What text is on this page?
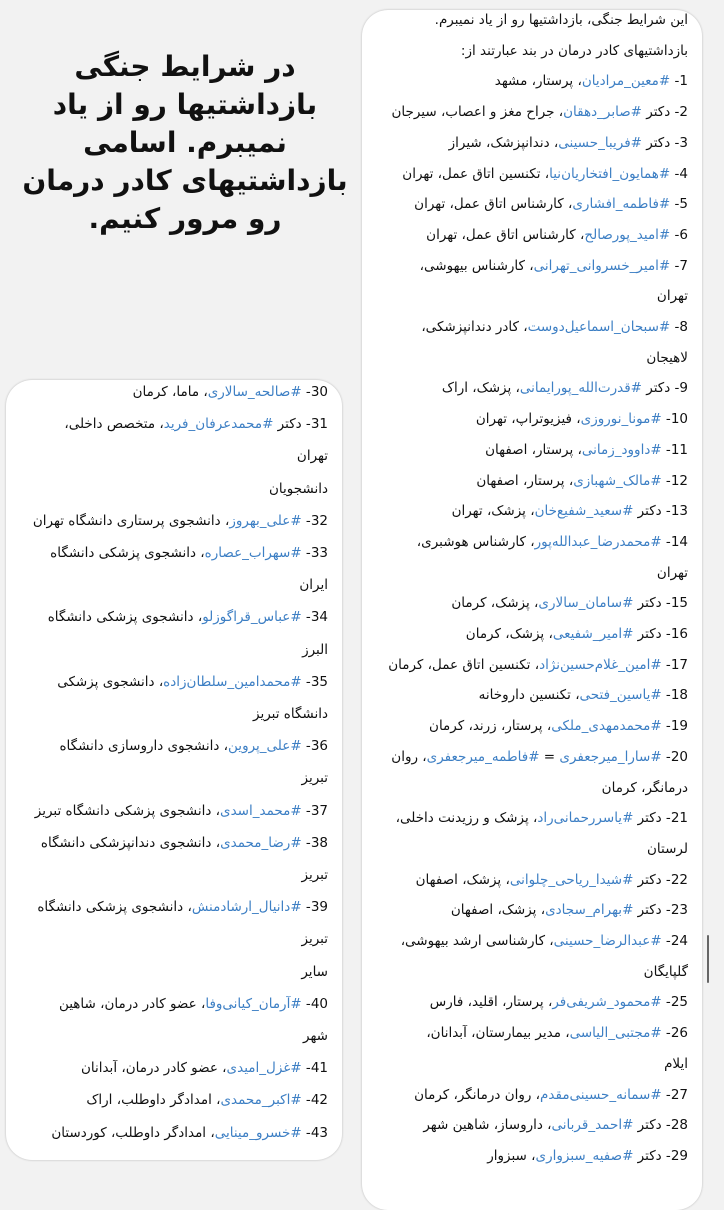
در شرایط جنگی بازداشتیها رو از یاد نمیبرم. اسامی بازداشتیهای کادر درمان رو مرور کنیم.
این شرایط جنگی، بازداشتیها رو از یاد نمیبرم.
بازداشتیهای کادر درمان در بند عبارتند از:
1- #معین_مرادیان، پرستار، مشهد
2- دکتر #صابر_دهقان، جراح مغز و اعصاب، سیرجان
3- دکتر #فریبا_حسینی، دندانپزشک، شیراز
4- #همایون_افتخاریان‌نیا، تکنسین اتاق عمل، تهران
5- #فاطمه_افشاری، کارشناس اتاق عمل، تهران
6- #امید_پورصالح، کارشناس اتاق عمل، تهران
7- #امیر_خسروانی_تهرانی، کارشناس بیهوشی،
تهران
8- #سبحان_اسماعیل‌دوست، کادر دندانپزشکی،
لاهیجان
9- دکتر #قدرت‌الله_پورایمانی، پزشک، اراک
10- #مونا_نوروزی، فیزیوتراپ، تهران
11- #داوود_زمانی، پرستار، اصفهان
12- #مالک_شهبازی، پرستار، اصفهان
13- دکتر #سعید_شفیع‌خان، پزشک، تهران
14- #محمدرضا_عبدالله‌پور، کارشناس هوشبری،
تهران
15- دکتر #سامان_سالاری، پزشک، کرمان
16- دکتر #امیر_شفیعی، پزشک، کرمان
17- #امین_غلام‌حسین‌نژاد، تکنسین اتاق عمل، کرمان
18- #یاسین_فتحی، تکنسین داروخانه
19- #محمدمهدی_ملکی، پرستار، زرند، کرمان
20- #سارا_میرجعفری = #فاطمه_میرجعفری، روان
درمانگر، کرمان
21- دکتر #یاسررحمانی‌راد، پزشک و رزیدنت داخلی،
لرستان
22- دکتر #شیدا_ریاحی_چلوانی، پزشک، اصفهان
23- دکتر #بهرام_سجادی، پزشک، اصفهان
24- #عبدالرضا_حسینی، کارشناسی ارشد بیهوشی،
گلپایگان
25- #محمود_شریفی‌فر، پرستار، اقلید، فارس
26- #مجتبی_الیاسی، مدیر بیمارستان، آبدانان،
ایلام
27- #سمانه_حسینی‌مقدم، روان درمانگر، کرمان
28- دکتر #احمد_قربانی، داروساز، شاهین شهر
29- دکتر #صفیه_سبزواری، سبزوار
30- #صالحه_سالاری، ماما، کرمان
31- دکتر #محمدعرفان_فرید، متخصص داخلی،
تهران
دانشجویان
32- #علی_بهروز، دانشجوی پرستاری دانشگاه تهران
33- #سهراب_عصاره، دانشجوی پزشکی دانشگاه
ایران
34- #عباس_قراگوزلو، دانشجوی پزشکی دانشگاه
البرز
35- #محمدامین_سلطان‌زاده، دانشجوی پزشکی
دانشگاه تبریز
36- #علی_پروین، دانشجوی داروسازی دانشگاه
تبریز
37- #محمد_اسدی، دانشجوی پزشکی دانشگاه تبریز
38- #رضا_محمدی، دانشجوی دندانپزشکی دانشگاه
تبریز
39- #دانیال_ارشادمنش، دانشجوی پزشکی دانشگاه
تبریز
سایر
40- #آرمان_کیانی‌وفا، عضو کادر درمان، شاهین
شهر
41- #غزل_امیدی، عضو کادر درمان، آبدانان
42- #اکبر_محمدی، امدادگر داوطلب، اراک
43- #خسرو_مینایی، امدادگر داوطلب، کوردستان
